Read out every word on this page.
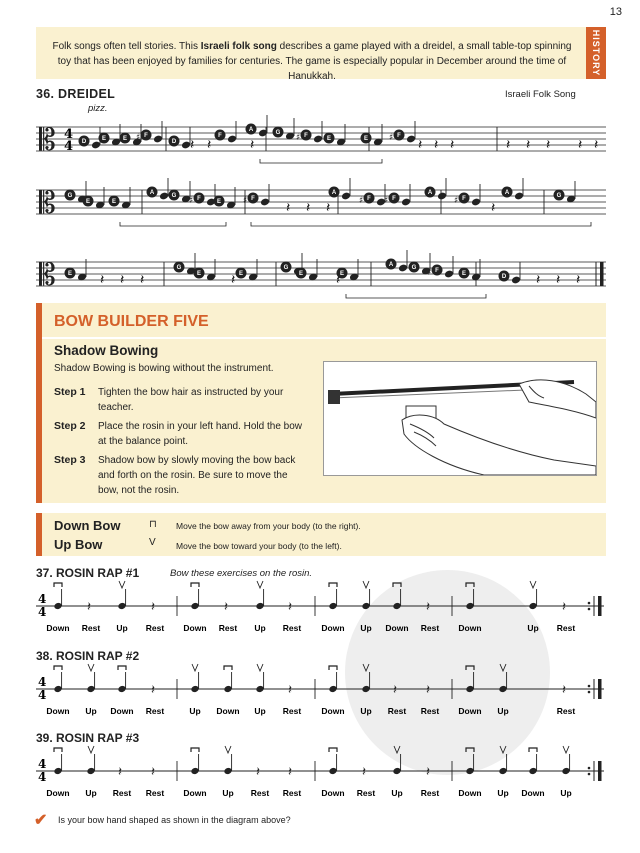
13
Folk songs often tell stories. This Israeli folk song describes a game played with a dreidel, a small table-top spinning toy that has been enjoyed by families for centuries. The game is especially popular in December around the time of Hanukkah.
HISTORY
36. DREIDEL	Israeli Folk Song
pizz.
𝄡 4
4 D	E	E	F
♯	D
F
A	G	F
♯	E	E	F
♯
𝄽 𝄽	𝄽	𝄽 𝄽 𝄽	𝄽 𝄽 𝄽 𝄽 𝄽
𝄡 G
E	E
A	G	F
♯	E	F
♯
A
F
♯	F
♯
A
F
♯
A	G
𝄽 𝄽 𝄽	𝄽
𝄡 E
G
E	E
G
E	E
A	G	F
♯	E	D
𝄽 𝄽 𝄽	𝄽	𝄽	𝄽 𝄽 𝄽
BOW BUILDER FIVE
Shadow Bowing
Shadow Bowing is bowing without the instrument.
Step 1 Tighten the bow hair as instructed by your teacher.
Step 2 Place the rosin in your left hand. Hold the bow at the balance point.
Step 3 Shadow bow by slowly moving the bow back and forth on the rosin. Be sure to move the bow, not the rosin.
Down Bow	⊓ Move the bow away from your body (to the right).
Up Bow	V Move the bow toward your body (to the left).
37. ROSIN RAP #1	Bow these exercises on the rosin.
4
4
Down
𝄽
Rest Up
𝄽
Rest Down
𝄽
Rest Up
𝄽
Rest Down Up Down
𝄽
Rest Down	Up
𝄽
Rest
38. ROSIN RAP #2
4
4
Down Up Down
𝄽
Rest	Up Down Up
𝄽
Rest Down Up
𝄽
Rest
𝄽
Rest Down Up
𝄽
Rest
39. ROSIN RAP #3
4
4
Down Up
𝄽
Rest
𝄽
Rest Down Up
𝄽
Rest
𝄽
Rest Down
𝄽
Rest Up
𝄽
Rest Down Up Down Up
✔ Is your bow hand shaped as shown in the diagram above?
